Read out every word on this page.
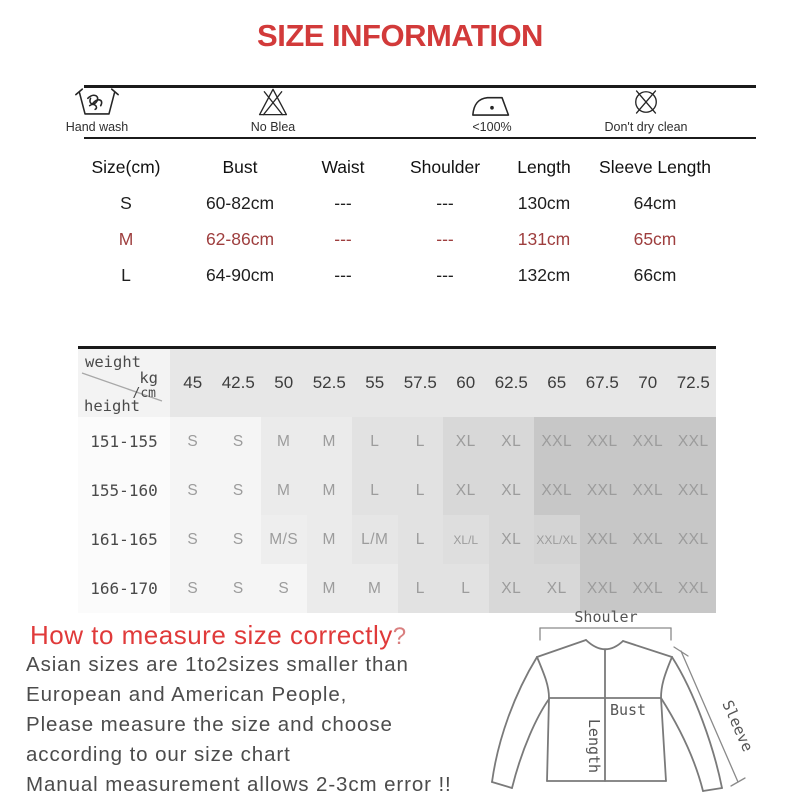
SIZE INFORMATION
Hand wash	No Blea	<100%	Don't dry clean
Size(cm)	Bust	Waist	Shoulder	Length	Sleeve Length
S	60-82cm	---	---	130cm	64cm
M	62-86cm	---	---	131cm	65cm
L	64-90cm	---	---	132cm	66cm
weight
kg
/cm
height
45	42.5	50	52.5	55	57.5	60	62.5	65	67.5	70	72.5
151-155	S	S	M	M	L	L	XL	XL	XXL XXL XXL XXL
155-160	S	S	M	M	L	L	XL	XL	XXL XXL XXL XXL
161-165	S	S	M/S	M	L/M	L	XL/L	XL	XXL/XL XXL XXL XXL
166-170	S	S	S	M	M	L	L	XL	XL	XXL XXL XXL
How to measure size correctly?

Asian sizes are 1to2sizes smaller than

European and American People,

Please measure the size and choose

according to our size chart

Manual measurement allows 2-3cm error !!

Shouler
Bust
Length	Sleeve
